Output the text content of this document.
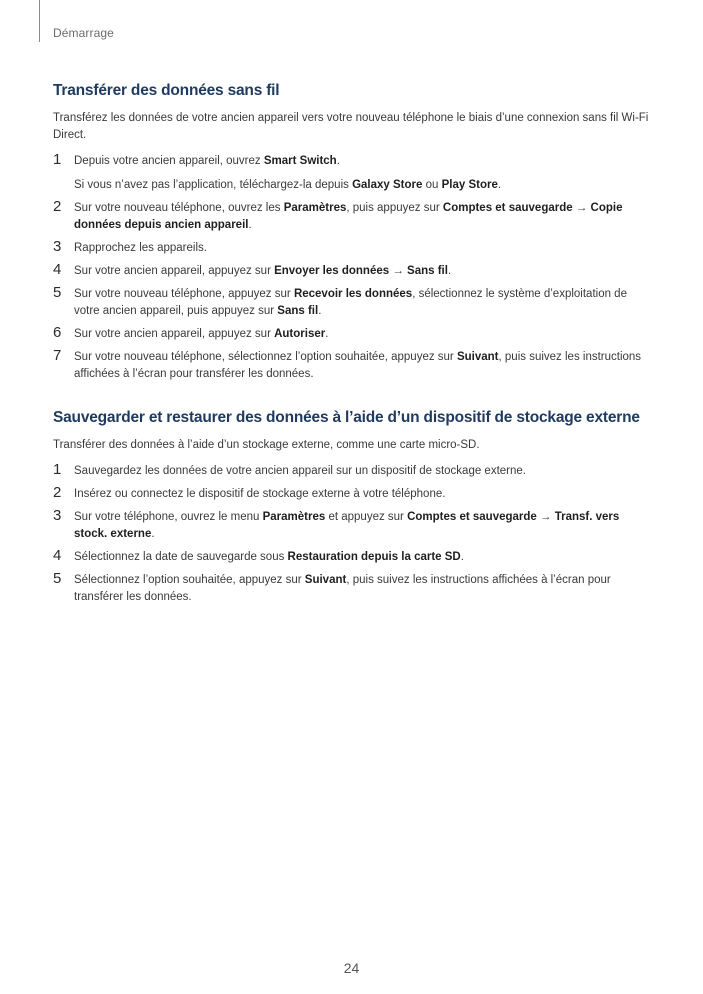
Démarrage
Transférer des données sans fil

Transférez les données de votre ancien appareil vers votre nouveau téléphone le biais d’une connexion sans fil Wi-Fi Direct.

1 Depuis votre ancien appareil, ouvrez Smart Switch.
Si vous n’avez pas l’application, téléchargez-la depuis Galaxy Store ou Play Store.
2 Sur votre nouveau téléphone, ouvrez les Paramètres, puis appuyez sur Comptes et sauvegarde → Copie données depuis ancien appareil.
3 Rapprochez les appareils.
4 Sur votre ancien appareil, appuyez sur Envoyer les données → Sans fil.
5 Sur votre nouveau téléphone, appuyez sur Recevoir les données, sélectionnez le système d’exploitation de votre ancien appareil, puis appuyez sur Sans fil.
6 Sur votre ancien appareil, appuyez sur Autoriser.
7 Sur votre nouveau téléphone, sélectionnez l’option souhaitée, appuyez sur Suivant, puis suivez les instructions affichées à l’écran pour transférer les données.
Sauvegarder et restaurer des données à l’aide d’un dispositif de stockage externe

Transférer des données à l’aide d’un stockage externe, comme une carte micro-SD.

1 Sauvegardez les données de votre ancien appareil sur un dispositif de stockage externe.
2 Insérez ou connectez le dispositif de stockage externe à votre téléphone.
3 Sur votre téléphone, ouvrez le menu Paramètres et appuyez sur Comptes et sauvegarde → Transf. vers stock. externe.
4 Sélectionnez la date de sauvegarde sous Restauration depuis la carte SD.
5 Sélectionnez l’option souhaitée, appuyez sur Suivant, puis suivez les instructions affichées à l’écran pour transférer les données.
24
